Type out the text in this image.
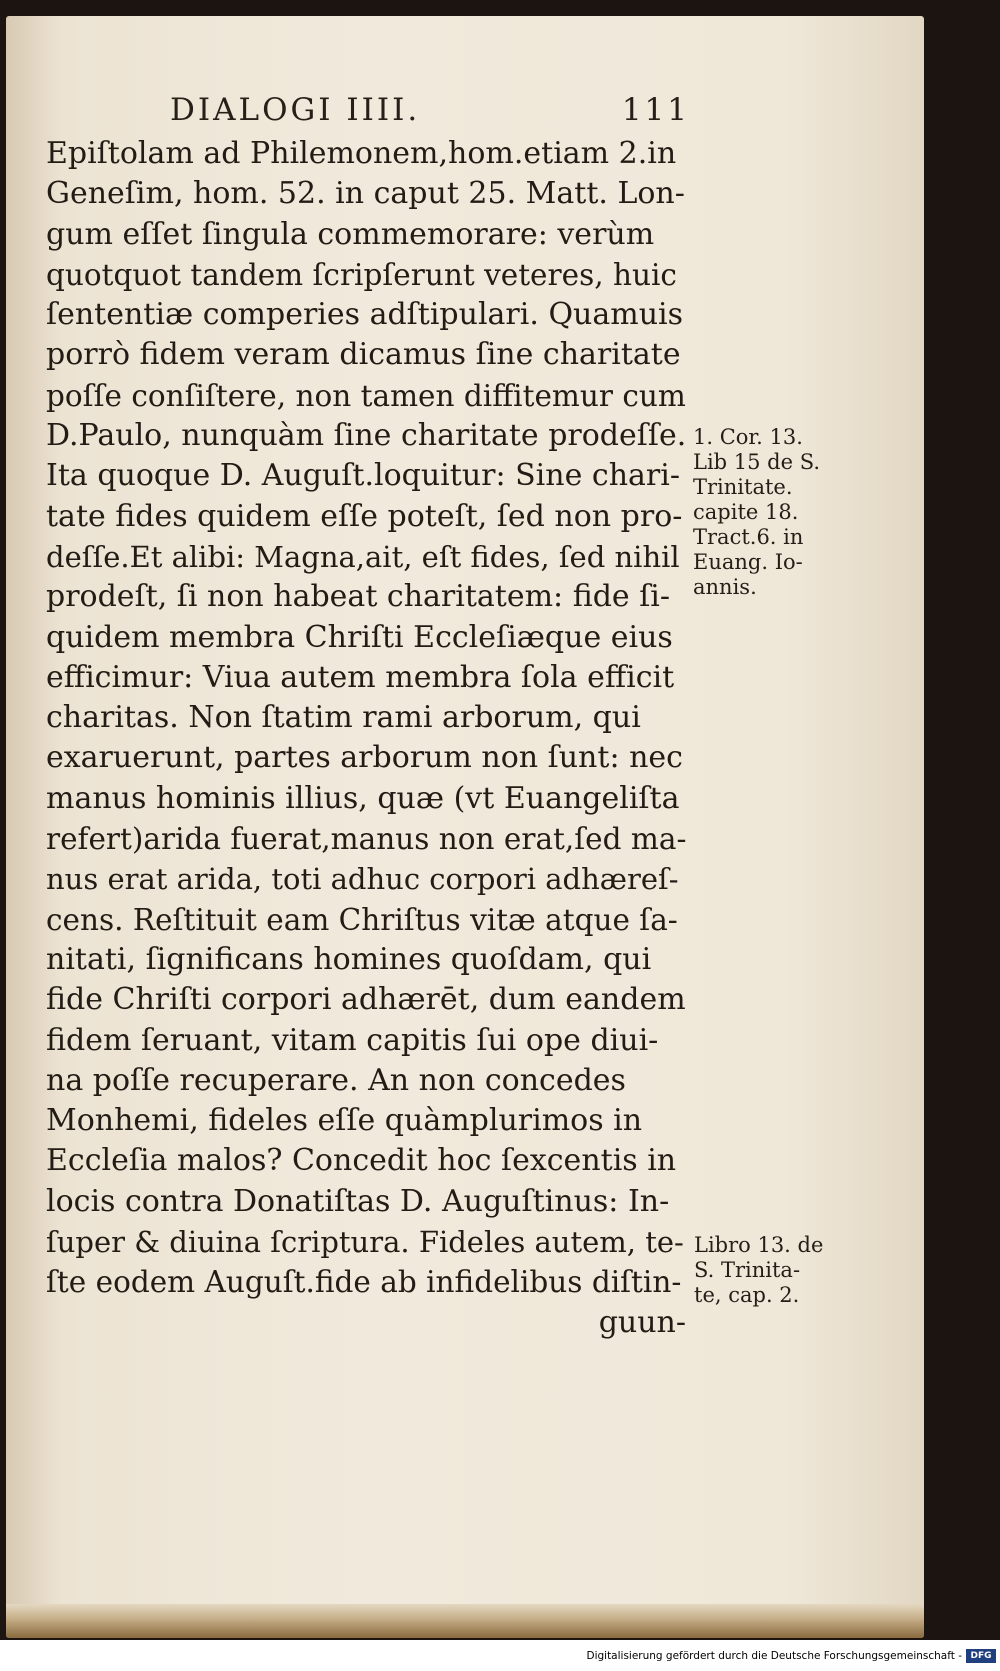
DIALOGI IIII.	111
Epiſtolam ad Philemonem,hom.etiam 2.in
Geneſim, hom. 52. in caput 25. Matt. Lon-
gum eſſet ſingula commemorare: verùm
quotquot tandem ſcripſerunt veteres, huic
ſententiæ comperies adſtipulari. Quamuis
porrò fidem veram dicamus ſine charitate
poſſe conſiſtere, non tamen diffitemur cum
D.Paulo, nunquàm ſine charitate prodeſſe.
Ita quoque D. Auguſt.loquitur: Sine chari-
tate fides quidem eſſe poteſt, ſed non pro-
deſſe.Et alibi: Magna,ait, eſt fides, ſed nihil
prodeſt, ſi non habeat charitatem: fide ſi-
quidem membra Chriſti Eccleſiæque eius
efficimur: Viua autem membra ſola efficit
charitas. Non ſtatim rami arborum, qui
exaruerunt, partes arborum non ſunt: nec
manus hominis illius, quæ (vt Euangeliſta
refert)arida fuerat,manus non erat,ſed ma-
nus erat arida, toti adhuc corpori adhæreſ-
cens. Reſtituit eam Chriſtus vitæ atque ſa-
nitati, ſignificans homines quoſdam, qui
fide Chriſti corpori adhærēt, dum eandem
fidem ſeruant, vitam capitis ſui ope diui-
na poſſe recuperare. An non concedes
Monhemi, fideles eſſe quàmplurimos in
Eccleſia malos? Concedit hoc ſexcentis in
locis contra Donatiſtas D. Auguſtinus: In-
ſuper & diuina ſcriptura. Fideles autem, te-
ſte eodem Auguſt.fide ab infidelibus diſtin-
guun-
1. Cor. 13.
Lib 15 de S.
Trinitate.
capite 18.
Tract.6. in
Euang. Io-
annis.
Libro 13. de
S. Trinita-
te, cap. 2.
Digitalisierung gefördert durch die Deutsche Forschungsgemeinschaft - DFG
